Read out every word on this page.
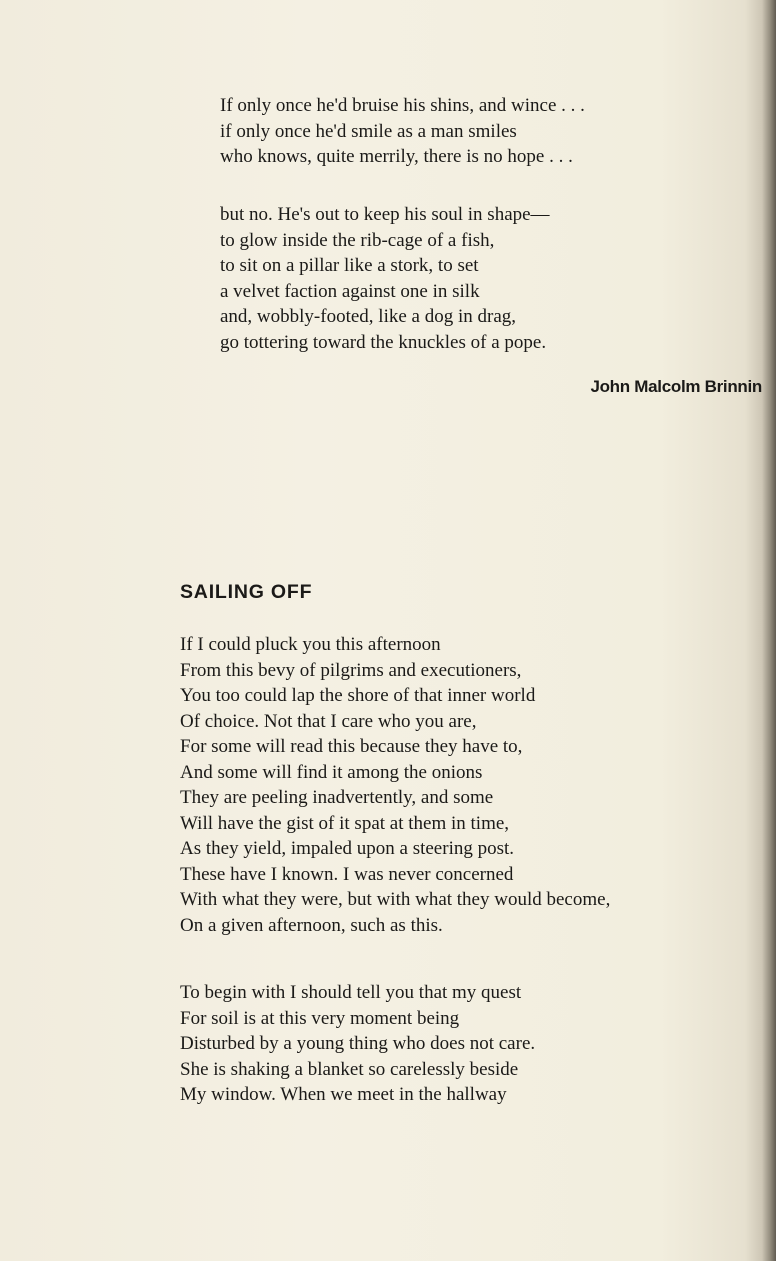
If only once he'd bruise his shins, and wince . . .
if only once he'd smile as a man smiles
who knows, quite merrily, there is no hope . . .
but no. He's out to keep his soul in shape—
to glow inside the rib-cage of a fish,
to sit on a pillar like a stork, to set
a velvet faction against one in silk
and, wobbly-footed, like a dog in drag,
go tottering toward the knuckles of a pope.
John Malcolm Brinnin
SAILING OFF
If I could pluck you this afternoon
From this bevy of pilgrims and executioners,
You too could lap the shore of that inner world
Of choice. Not that I care who you are,
For some will read this because they have to,
And some will find it among the onions
They are peeling inadvertently, and some
Will have the gist of it spat at them in time,
As they yield, impaled upon a steering post.
These have I known. I was never concerned
With what they were, but with what they would become,
On a given afternoon, such as this.
To begin with I should tell you that my quest
For soil is at this very moment being
Disturbed by a young thing who does not care.
She is shaking a blanket so carelessly beside
My window. When we meet in the hallway
